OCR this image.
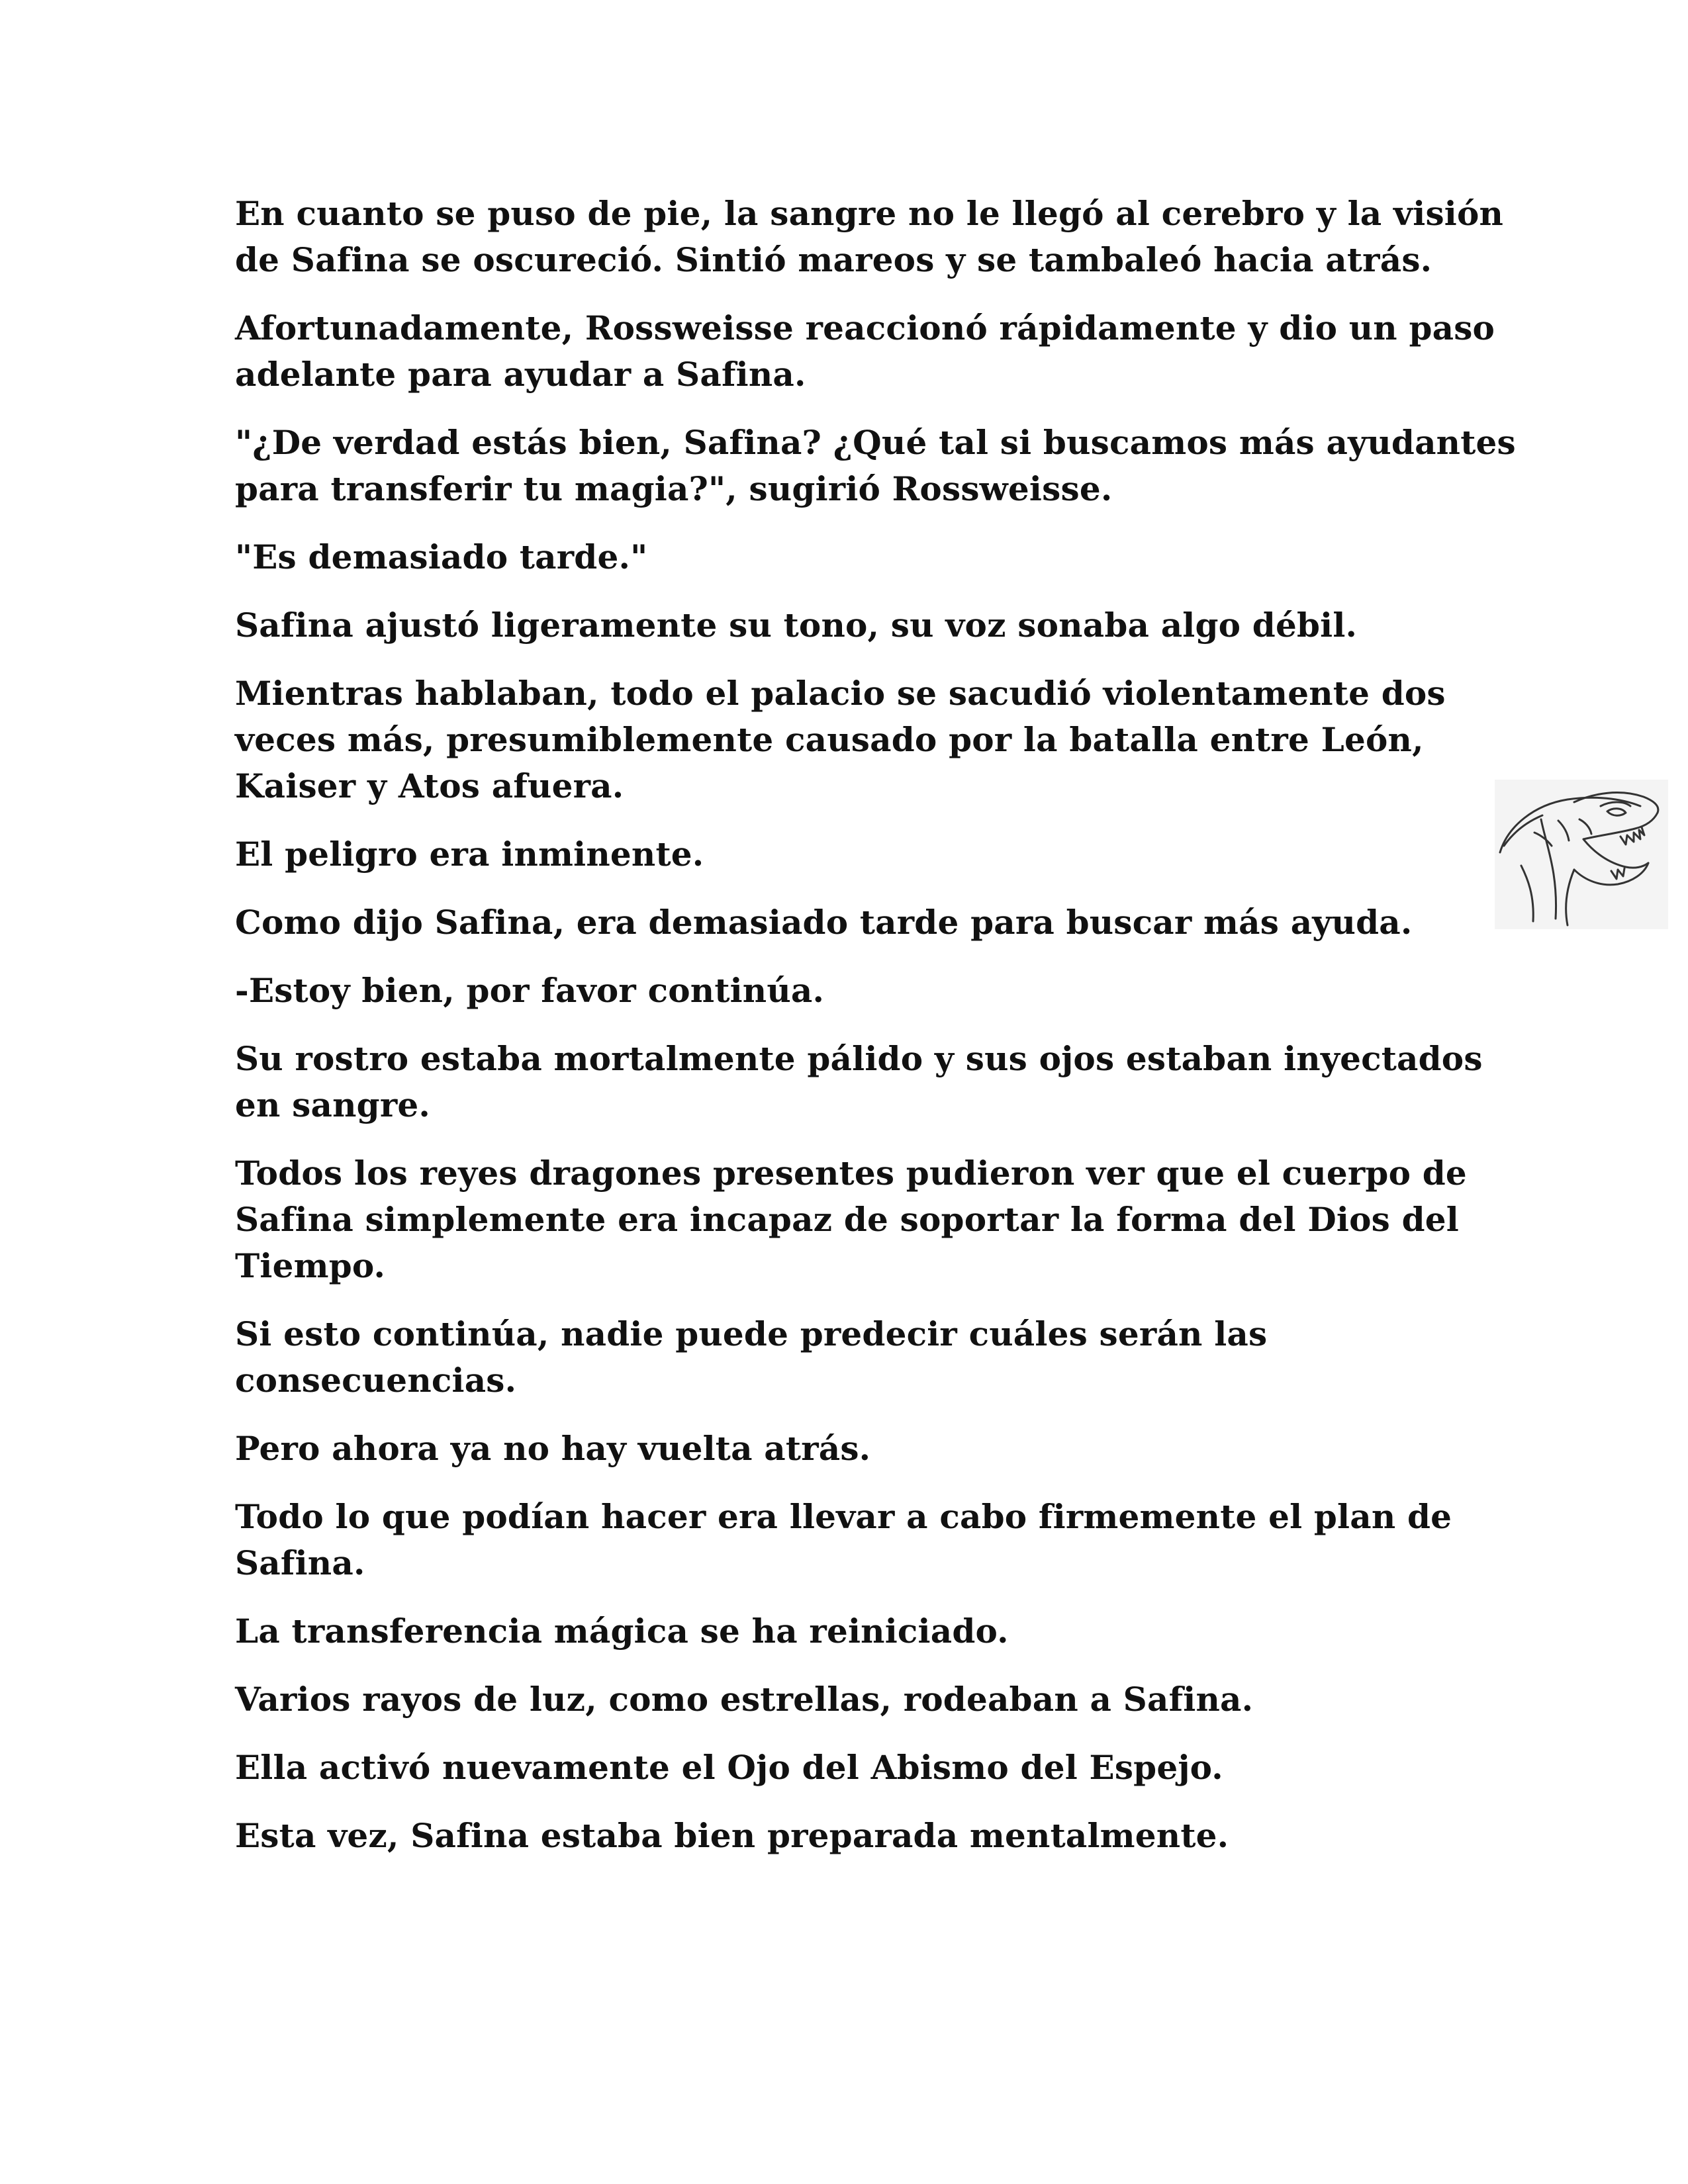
En cuanto se puso de pie, la sangre no le llegó al cerebro y la visión de Safina se oscureció. Sintió mareos y se tambaleó hacia atrás.

Afortunadamente, Rossweisse reaccionó rápidamente y dio un paso adelante para ayudar a Safina.

"¿De verdad estás bien, Safina? ¿Qué tal si buscamos más ayudantes para transferir tu magia?", sugirió Rossweisse.

"Es demasiado tarde."

Safina ajustó ligeramente su tono, su voz sonaba algo débil.

Mientras hablaban, todo el palacio se sacudió violentamente dos veces más, presumiblemente causado por la batalla entre León, Kaiser y Atos afuera.

El peligro era inminente.

Como dijo Safina, era demasiado tarde para buscar más ayuda.

-Estoy bien, por favor continúa.

Su rostro estaba mortalmente pálido y sus ojos estaban inyectados en sangre.

Todos los reyes dragones presentes pudieron ver que el cuerpo de Safina simplemente era incapaz de soportar la forma del Dios del Tiempo.

Si esto continúa, nadie puede predecir cuáles serán las consecuencias.

Pero ahora ya no hay vuelta atrás.

Todo lo que podían hacer era llevar a cabo firmemente el plan de Safina.

La transferencia mágica se ha reiniciado.

Varios rayos de luz, como estrellas, rodeaban a Safina.

Ella activó nuevamente el Ojo del Abismo del Espejo.

Esta vez, Safina estaba bien preparada mentalmente.
